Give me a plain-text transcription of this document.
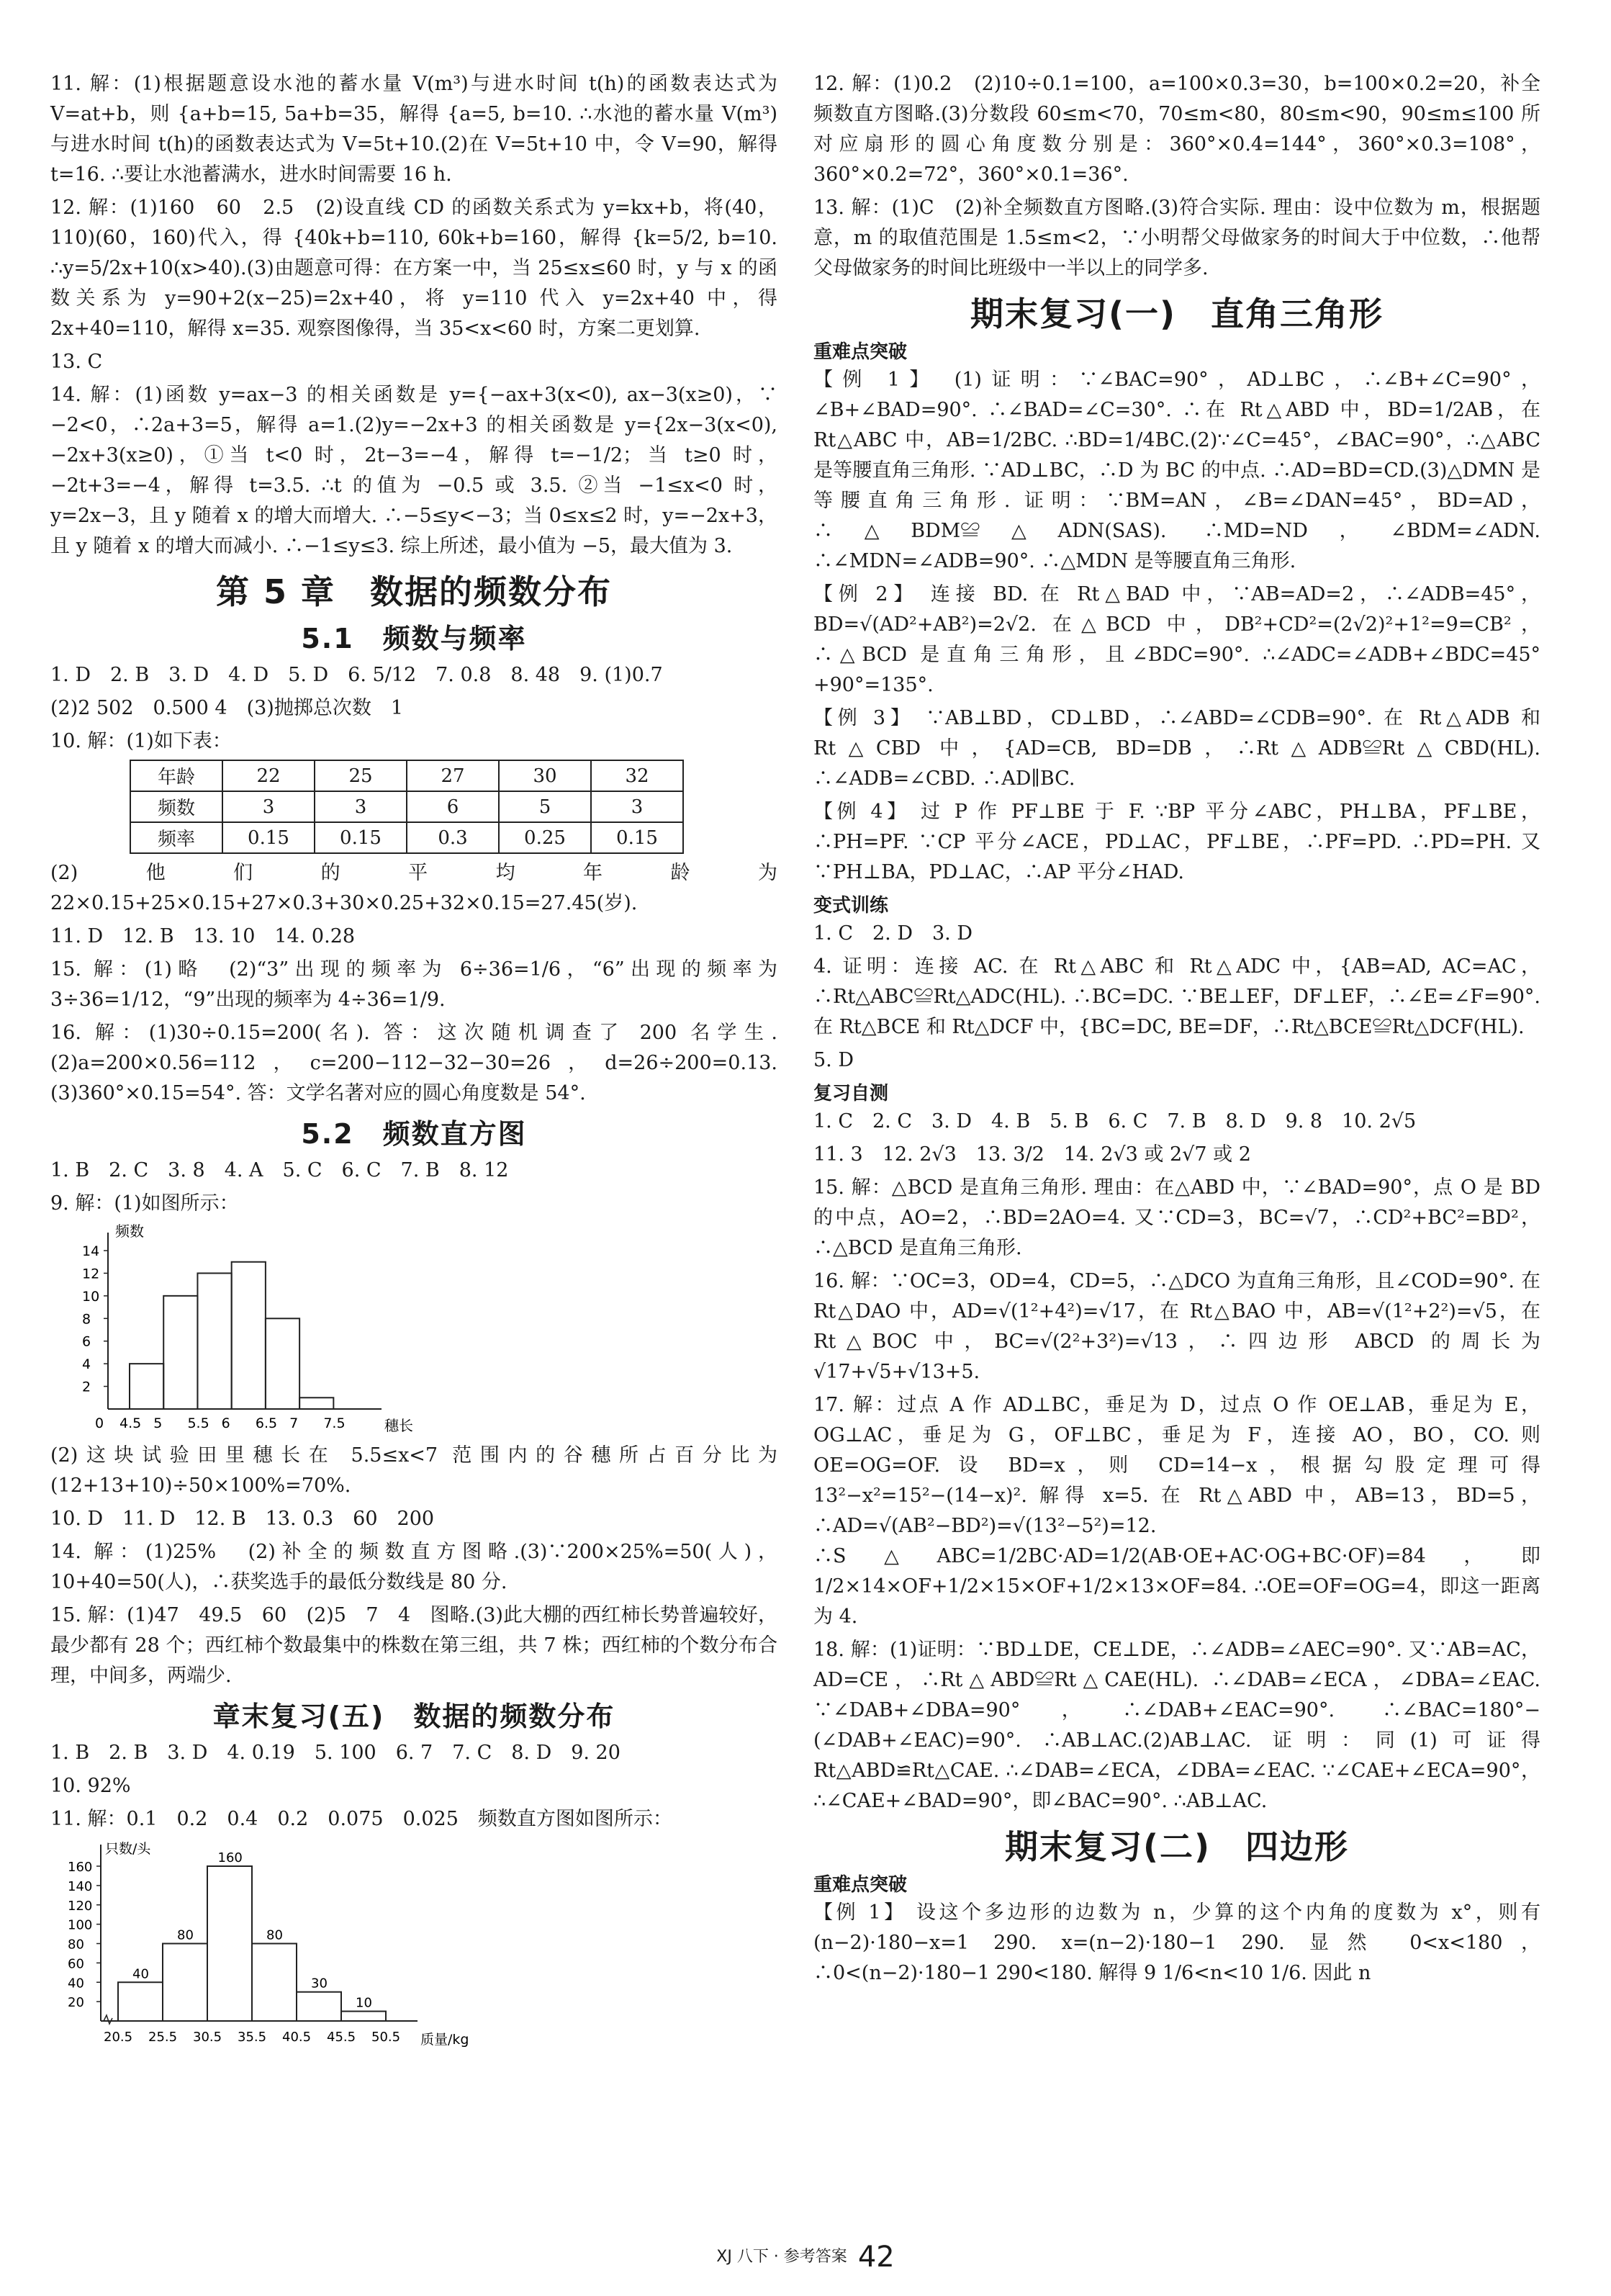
11. 解：(1)根据题意设水池的蓄水量 V(m³)与进水时间 t(h)的函数表达式为 V=at+b，则 {a+b=15, 5a+b=35，解得 {a=5, b=10. ∴水池的蓄水量 V(m³)与进水时间 t(h)的函数表达式为 V=5t+10.(2)在 V=5t+10 中，令 V=90，解得 t=16. ∴要让水池蓄满水，进水时间需要 16 h.

12. 解：(1)160　60　2.5　(2)设直线 CD 的函数关系式为 y=kx+b，将(40，110)(60，160)代入，得 {40k+b=110, 60k+b=160，解得 {k=5/2, b=10. ∴y=5/2x+10(x>40).(3)由题意可得：在方案一中，当 25≤x≤60 时，y 与 x 的函数关系为 y=90+2(x−25)=2x+40，将 y=110 代入 y=2x+40 中，得 2x+40=110，解得 x=35. 观察图像得，当 35<x<60 时，方案二更划算.

13. C

14. 解：(1)函数 y=ax−3 的相关函数是 y={−ax+3(x<0), ax−3(x≥0)，∵ −2<0，∴2a+3=5，解得 a=1.(2)y=−2x+3 的相关函数是 y={2x−3(x<0), −2x+3(x≥0)，①当 t<0 时，2t−3=−4，解得 t=−1/2；当 t≥0 时，−2t+3=−4，解得 t=3.5. ∴t 的值为 −0.5 或 3.5. ②当 −1≤x<0 时，y=2x−3，且 y 随着 x 的增大而增大. ∴−5≤y<−3；当 0≤x≤2 时，y=−2x+3，且 y 随着 x 的增大而减小. ∴−1≤y≤3. 综上所述，最小值为 −5，最大值为 3.

第 5 章　数据的频数分布
5.1　频数与频率

1. D　2. B　3. D　4. D　5. D　6. 5/12　7. 0.8　8. 48　9. (1)0.7

(2)2 502　0.500 4　(3)抛掷总次数　1

10. 解：(1)如下表：

年龄	22	25	27	30	32
频数	3	3	6	5	3
频率	0.15	0.15	0.3	0.25	0.15

(2)他们的平均年龄为 22×0.15+25×0.15+27×0.3+30×0.25+32×0.15=27.45(岁).

11. D　12. B　13. 10　14. 0.28

15. 解：(1)略　(2)“3”出现的频率为 6÷36=1/6，“6”出现的频率为 3÷36=1/12，“9”出现的频率为 4÷36=1/9.

16. 解：(1)30÷0.15=200(名). 答：这次随机调查了 200 名学生. (2)a=200×0.56=112，c=200−112−32−30=26，d=26÷200=0.13.(3)360°×0.15=54°. 答：文学名著对应的圆心角度数是 54°.

5.2　频数直方图

1. B　2. C　3. 8　4. A　5. C　6. C　7. B　8. 12

9. 解：(1)如图所示：

频数
穗长
0
2
4
6
8
10
12
14
4.5 5 5.5 6 6.5 7 7.5

(2)这块试验田里穗长在 5.5≤x<7 范围内的谷穗所占百分比为(12+13+10)÷50×100%=70%.

10. D　11. D　12. B　13. 0.3　60　200

14. 解：(1)25%　(2)补全的频数直方图略.(3)∵200×25%=50(人)，10+40=50(人)，∴获奖选手的最低分数线是 80 分.

15. 解：(1)47　49.5　60　(2)5　7　4　图略.(3)此大棚的西红柿长势普遍较好，最少都有 28 个；西红柿个数最集中的株数在第三组，共 7 株；西红柿的个数分布合理，中间多，两端少.

章末复习(五)　数据的频数分布

1. B　2. B　3. D　4. 0.19　5. 100　6. 7　7. C　8. D　9. 20

10. 92%

11. 解：0.1　0.2　0.4　0.2　0.075　0.025　频数直方图如图所示：

只数/头
质量/kg
20
40
60
80
100
120
140
160
20.5 25.5 30.5 35.5 40.5 45.5 50.5
40
80
160
80
30
10

12. 解：(1)0.2　(2)10÷0.1=100，a=100×0.3=30，b=100×0.2=20，补全频数直方图略.(3)分数段 60≤m<70，70≤m<80，80≤m<90，90≤m≤100 所对应扇形的圆心角度数分别是：360°×0.4=144°，360°×0.3=108°，360°×0.2=72°，360°×0.1=36°.

13. 解：(1)C　(2)补全频数直方图略.(3)符合实际. 理由：设中位数为 m，根据题意，m 的取值范围是 1.5≤m<2，∵小明帮父母做家务的时间大于中位数，∴他帮父母做家务的时间比班级中一半以上的同学多.

期末复习(一)　直角三角形
重难点突破

【例 1】 (1)证明：∵∠BAC=90°，AD⊥BC，∴∠B+∠C=90°，∠B+∠BAD=90°. ∴∠BAD=∠C=30°. ∴在 Rt△ABD 中，BD=1/2AB，在 Rt△ABC 中，AB=1/2BC. ∴BD=1/4BC.(2)∵∠C=45°，∠BAC=90°，∴△ABC 是等腰直角三角形. ∵AD⊥BC，∴D 为 BC 的中点. ∴AD=BD=CD.(3)△DMN 是等腰直角三角形. 证明：∵BM=AN，∠B=∠DAN=45°，BD=AD，∴△BDM≌△ADN(SAS). ∴MD=ND，∠BDM=∠ADN. ∴∠MDN=∠ADB=90°. ∴△MDN 是等腰直角三角形.

【例 2】 连接 BD. 在 Rt△BAD 中，∵AB=AD=2，∴∠ADB=45°，BD=√(AD²+AB²)=2√2. 在△BCD 中，DB²+CD²=(2√2)²+1²=9=CB²，∴△BCD 是直角三角形，且∠BDC=90°. ∴∠ADC=∠ADB+∠BDC=45°+90°=135°.

【例 3】 ∵AB⊥BD，CD⊥BD，∴∠ABD=∠CDB=90°. 在 Rt△ADB 和 Rt△CBD 中，{AD=CB, BD=DB，∴Rt△ADB≌Rt△CBD(HL). ∴∠ADB=∠CBD. ∴AD∥BC.

【例 4】 过 P 作 PF⊥BE 于 F. ∵BP 平分∠ABC，PH⊥BA，PF⊥BE，∴PH=PF. ∵CP 平分∠ACE，PD⊥AC，PF⊥BE，∴PF=PD. ∴PD=PH. 又∵PH⊥BA，PD⊥AC，∴AP 平分∠HAD.

变式训练

1. C　2. D　3. D

4. 证明：连接 AC. 在 Rt△ABC 和 Rt△ADC 中，{AB=AD, AC=AC，∴Rt△ABC≌Rt△ADC(HL). ∴BC=DC. ∵BE⊥EF，DF⊥EF，∴∠E=∠F=90°. 在 Rt△BCE 和 Rt△DCF 中，{BC=DC, BE=DF，∴Rt△BCE≌Rt△DCF(HL).

5. D

复习自测

1. C　2. C　3. D　4. B　5. B　6. C　7. B　8. D　9. 8　10. 2√5

11. 3　12. 2√3　13. 3/2　14. 2√3 或 2√7 或 2

15. 解：△BCD 是直角三角形. 理由：在△ABD 中，∵∠BAD=90°，点 O 是 BD 的中点，AO=2，∴BD=2AO=4. 又∵CD=3，BC=√7，∴CD²+BC²=BD²，∴△BCD 是直角三角形.

16. 解：∵OC=3，OD=4，CD=5，∴△DCO 为直角三角形，且∠COD=90°. 在 Rt△DAO 中，AD=√(1²+4²)=√17，在 Rt△BAO 中，AB=√(1²+2²)=√5，在 Rt△BOC 中，BC=√(2²+3²)=√13，∴四边形 ABCD 的周长为 √17+√5+√13+5.

17. 解：过点 A 作 AD⊥BC，垂足为 D，过点 O 作 OE⊥AB，垂足为 E，OG⊥AC，垂足为 G，OF⊥BC，垂足为 F，连接 AO，BO，CO. 则 OE=OG=OF. 设 BD=x，则 CD=14−x，根据勾股定理可得 13²−x²=15²−(14−x)². 解得 x=5. 在 Rt△ABD 中，AB=13，BD=5，∴AD=√(AB²−BD²)=√(13²−5²)=12. ∴S△ABC=1/2BC·AD=1/2(AB·OE+AC·OG+BC·OF)=84，即 1/2×14×OF+1/2×15×OF+1/2×13×OF=84. ∴OE=OF=OG=4，即这一距离为 4.

18. 解：(1)证明：∵BD⊥DE，CE⊥DE，∴∠ADB=∠AEC=90°. 又∵AB=AC，AD=CE，∴Rt△ABD≌Rt△CAE(HL). ∴∠DAB=∠ECA，∠DBA=∠EAC. ∵∠DAB+∠DBA=90°，∴∠DAB+∠EAC=90°. ∴∠BAC=180°−(∠DAB+∠EAC)=90°. ∴AB⊥AC.(2)AB⊥AC. 证明：同(1)可证得 Rt△ABD≌Rt△CAE. ∴∠DAB=∠ECA，∠DBA=∠EAC. ∵∠CAE+∠ECA=90°，∴∠CAE+∠BAD=90°，即∠BAC=90°. ∴AB⊥AC.

期末复习(二)　四边形
重难点突破

【例 1】 设这个多边形的边数为 n，少算的这个内角的度数为 x°，则有(n−2)·180−x=1 290. x=(n−2)·180−1 290. 显然 0<x<180，∴0<(n−2)·180−1 290<180. 解得 9 1/6<n<10 1/6. 因此 n

XJ 八下 · 参考答案 42
